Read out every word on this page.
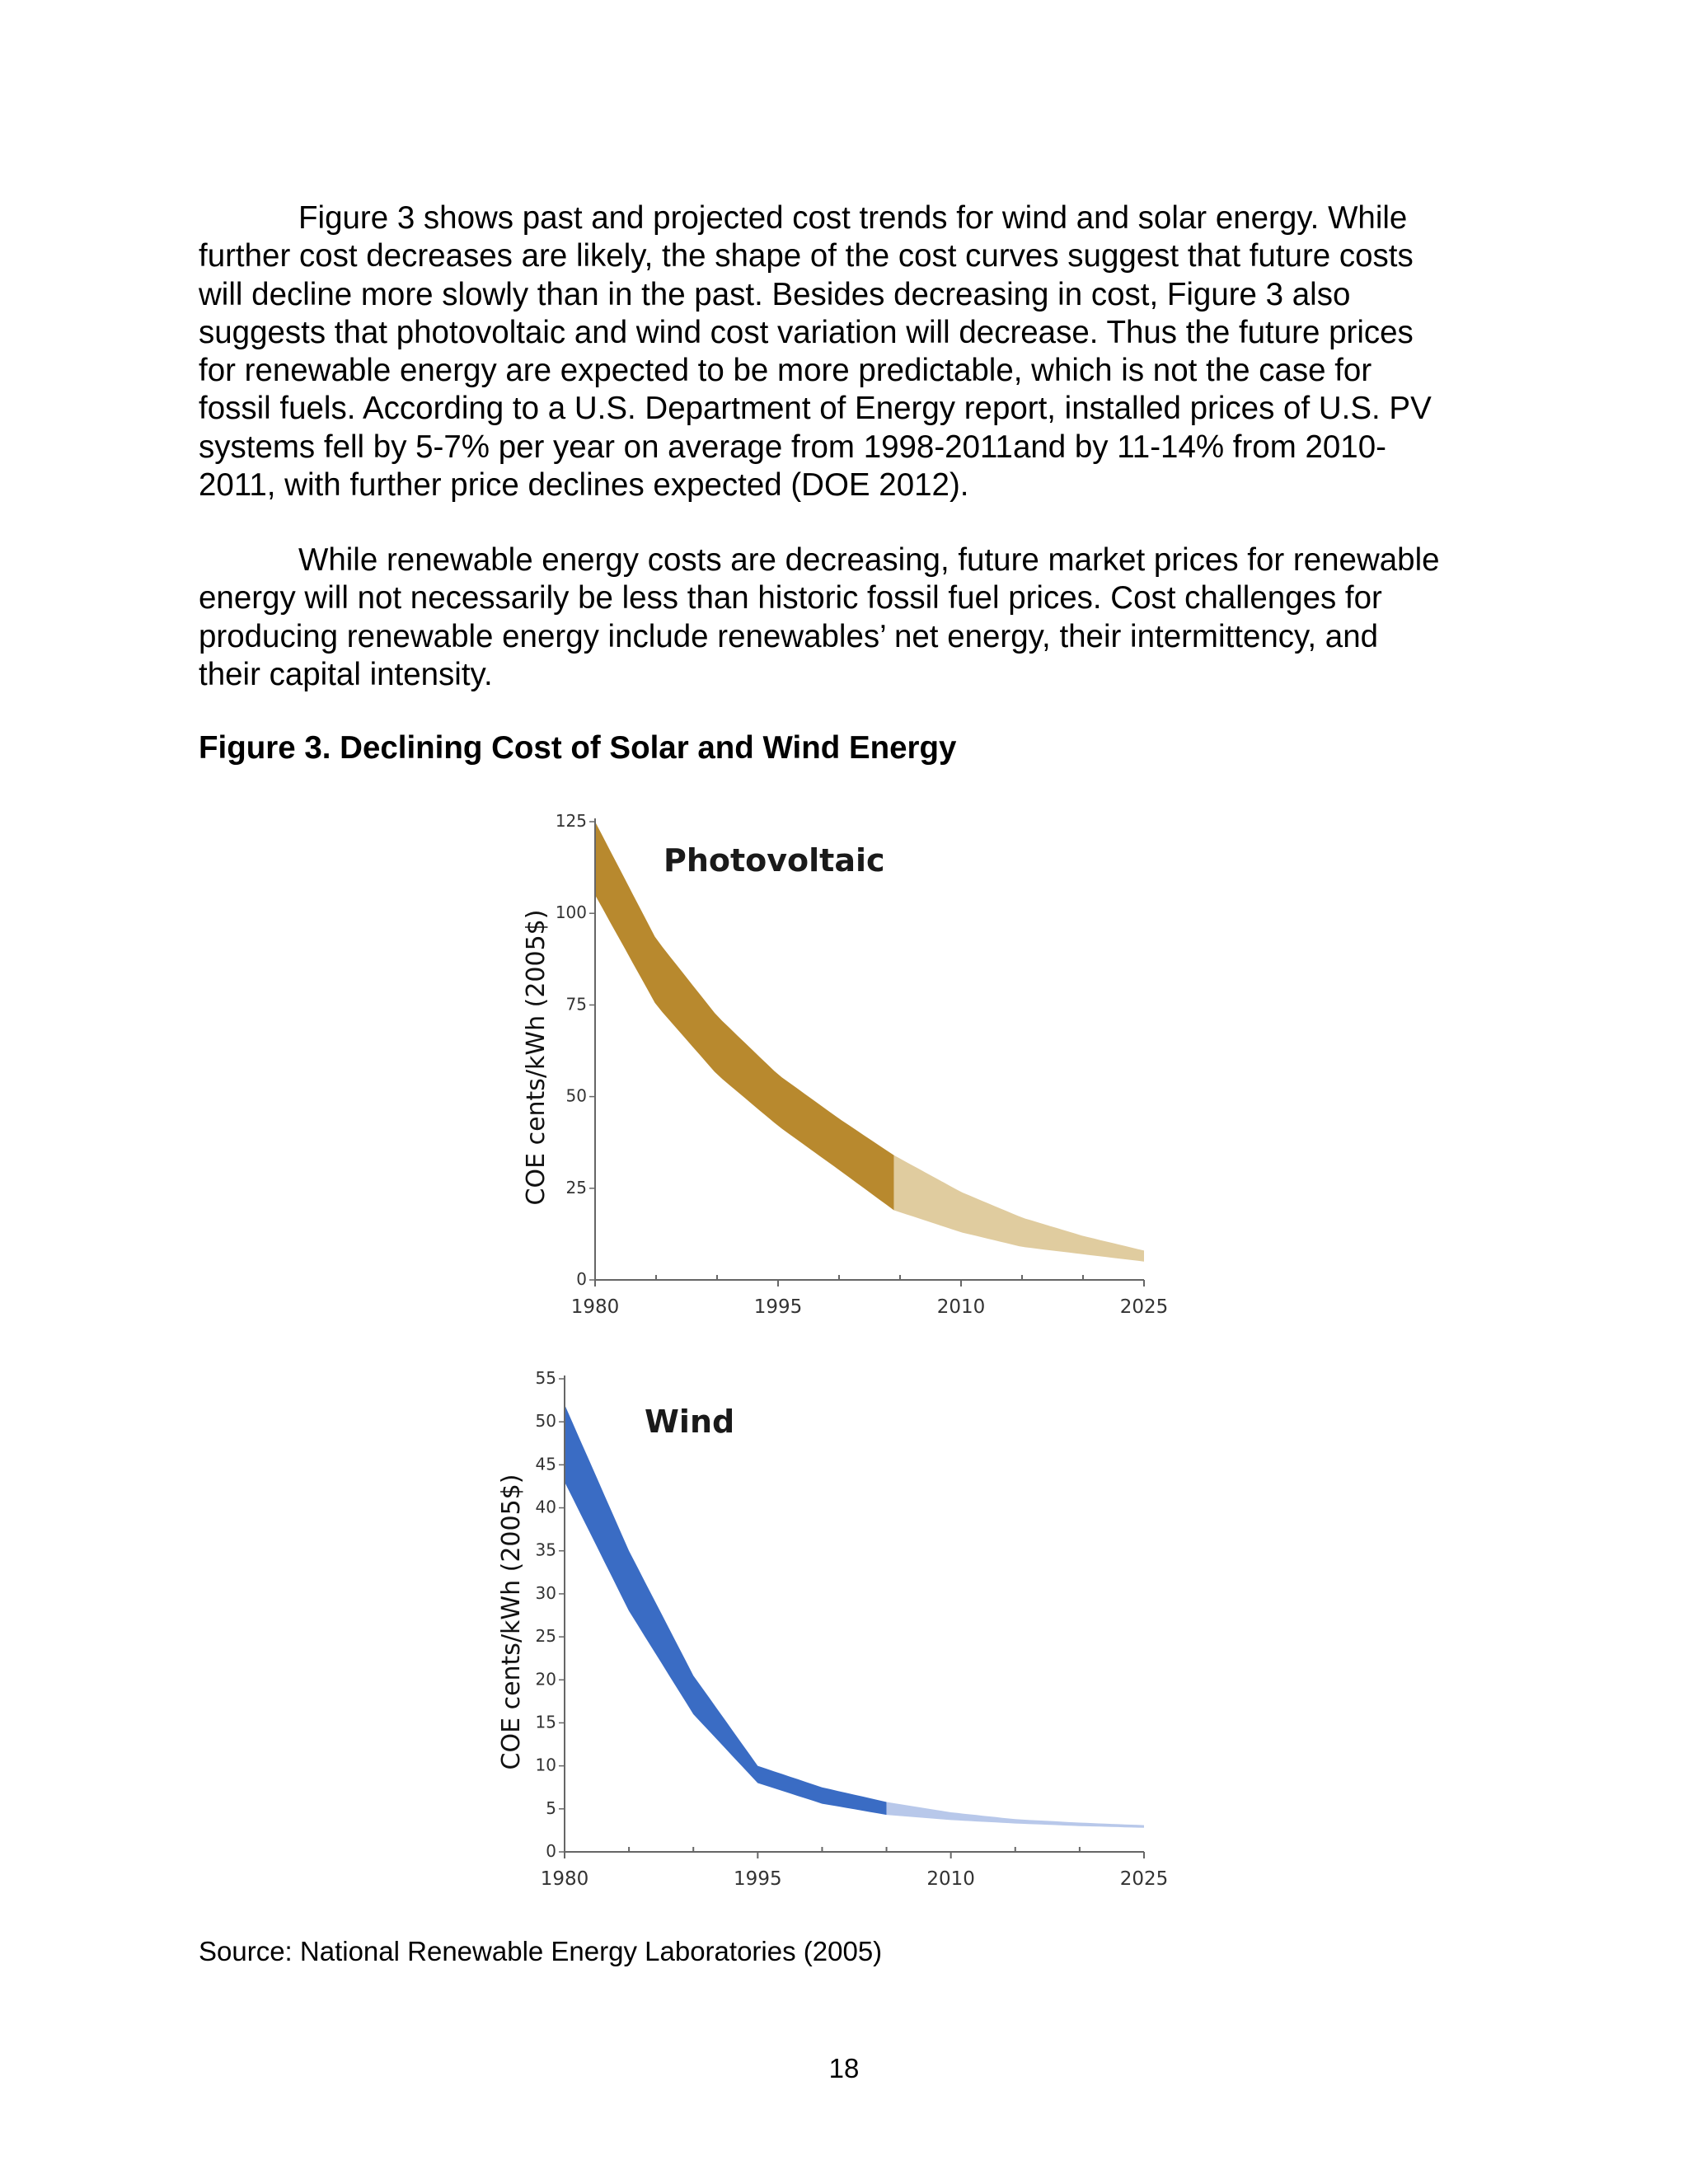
Figure 3 shows past and projected cost trends for wind and solar energy. While
further cost decreases are likely, the shape of the cost curves suggest that future costs
will decline more slowly than in the past. Besides decreasing in cost, Figure 3 also
suggests that photovoltaic and wind cost variation will decrease. Thus the future prices
for renewable energy are expected to be more predictable, which is not the case for
fossil fuels. According to a U.S. Department of Energy report, installed prices of U.S. PV
systems fell by 5-7% per year on average from 1998-2011and by 11-14% from 2010-
2011, with further price declines expected (DOE 2012).
While renewable energy costs are decreasing, future market prices for renewable
energy will not necessarily be less than historic fossil fuel prices. Cost challenges for
producing renewable energy include renewables’ net energy, their intermittency, and
their capital intensity.

Figure 3. Declining Cost of Solar and Wind Energy

0
25
50
75
100
125
1980	1995	2010	2025
Photovoltaic
COE cents/kWh (2005$)
0
5
10
15
20
25
30
35
40
45
50
55
1980	1995	2010	2025
Wind
COE cents/kWh (2005$)

Source: National Renewable Energy Laboratories (2005)

18
